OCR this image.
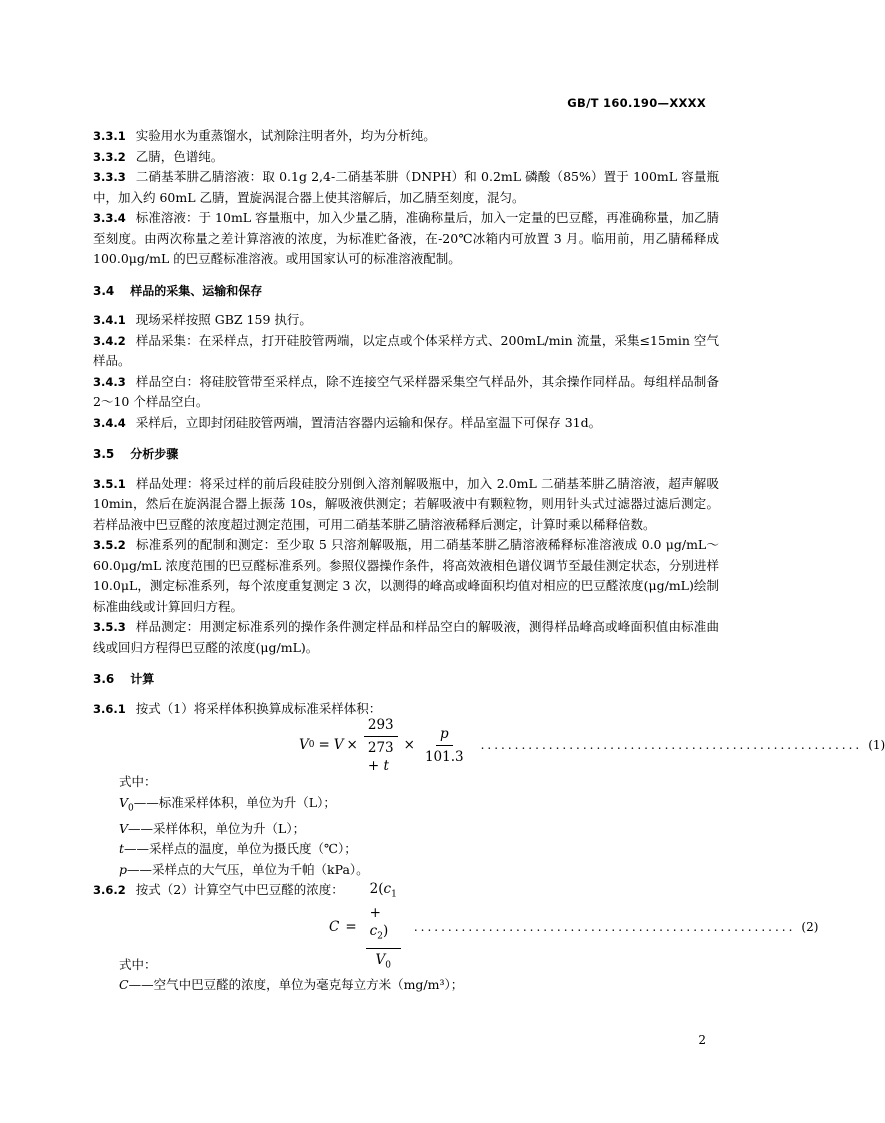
GB/T 160.190—XXXX

3.3.1 实验用水为重蒸馏水，试剂除注明者外，均为分析纯。

3.3.2 乙腈，色谱纯。

3.3.3 二硝基苯肼乙腈溶液：取 0.1g 2,4-二硝基苯肼（DNPH）和 0.2mL 磷酸（85%）置于 100mL 容量瓶中，加入约 60mL 乙腈，置旋涡混合器上使其溶解后，加乙腈至刻度，混匀。

3.3.4 标准溶液：于 10mL 容量瓶中，加入少量乙腈，准确称量后，加入一定量的巴豆醛，再准确称量，加乙腈至刻度。由两次称量之差计算溶液的浓度，为标准贮备液，在-20℃冰箱内可放置 3 月。临用前，用乙腈稀释成 100.0μg/mL 的巴豆醛标准溶液。或用国家认可的标准溶液配制。

3.4 样品的采集、运输和保存

3.4.1 现场采样按照 GBZ 159 执行。

3.4.2 样品采集：在采样点，打开硅胶管两端，以定点或个体采样方式、200mL/min 流量，采集≤15min 空气样品。

3.4.3 样品空白：将硅胶管带至采样点，除不连接空气采样器采集空气样品外，其余操作同样品。每组样品制备 2～10 个样品空白。

3.4.4 采样后，立即封闭硅胶管两端，置清洁容器内运输和保存。样品室温下可保存 31d。

3.5 分析步骤

3.5.1 样品处理：将采过样的前后段硅胶分别倒入溶剂解吸瓶中，加入 2.0mL 二硝基苯肼乙腈溶液，超声解吸 10min，然后在旋涡混合器上振荡 10s，解吸液供测定；若解吸液中有颗粒物，则用针头式过滤器过滤后测定。若样品液中巴豆醛的浓度超过测定范围，可用二硝基苯肼乙腈溶液稀释后测定，计算时乘以稀释倍数。

3.5.2 标准系列的配制和测定：至少取 5 只溶剂解吸瓶，用二硝基苯肼乙腈溶液稀释标准溶液成 0.0 μg/mL～60.0μg/mL 浓度范围的巴豆醛标准系列。参照仪器操作条件，将高效液相色谱仪调节至最佳测定状态，分别进样 10.0μL，测定标准系列，每个浓度重复测定 3 次，以测得的峰高或峰面积均值对相应的巴豆醛浓度(μg/mL)绘制标准曲线或计算回归方程。

3.5.3 样品测定：用测定标准系列的操作条件测定样品和样品空白的解吸液，测得样品峰高或峰面积值由标准曲线或回归方程得巴豆醛的浓度(μg/mL)。

3.6 计算

3.6.1 按式（1）将采样体积换算成标准采样体积：

V $0 = V \times \frac{293}{273 + t} \times \frac{p}{101.3}$ ........................................................ (1)
式中：
$V_0——$标准采样体积，单位为升（L）；
V——采样体积，单位为升（L）；
t——采样点的温度，单位为摄氏度（℃）；
p——采样点的大气压，单位为千帕（kPa）。

3.6.2 按式（2）计算空气中巴豆醛的浓度：

$C = \frac{2(c_1 + c_2)}{V_0}$ ........................................................ (2)
式中：
C——空气中巴豆醛的浓度，单位为毫克每立方米（mg/m³）；
2
